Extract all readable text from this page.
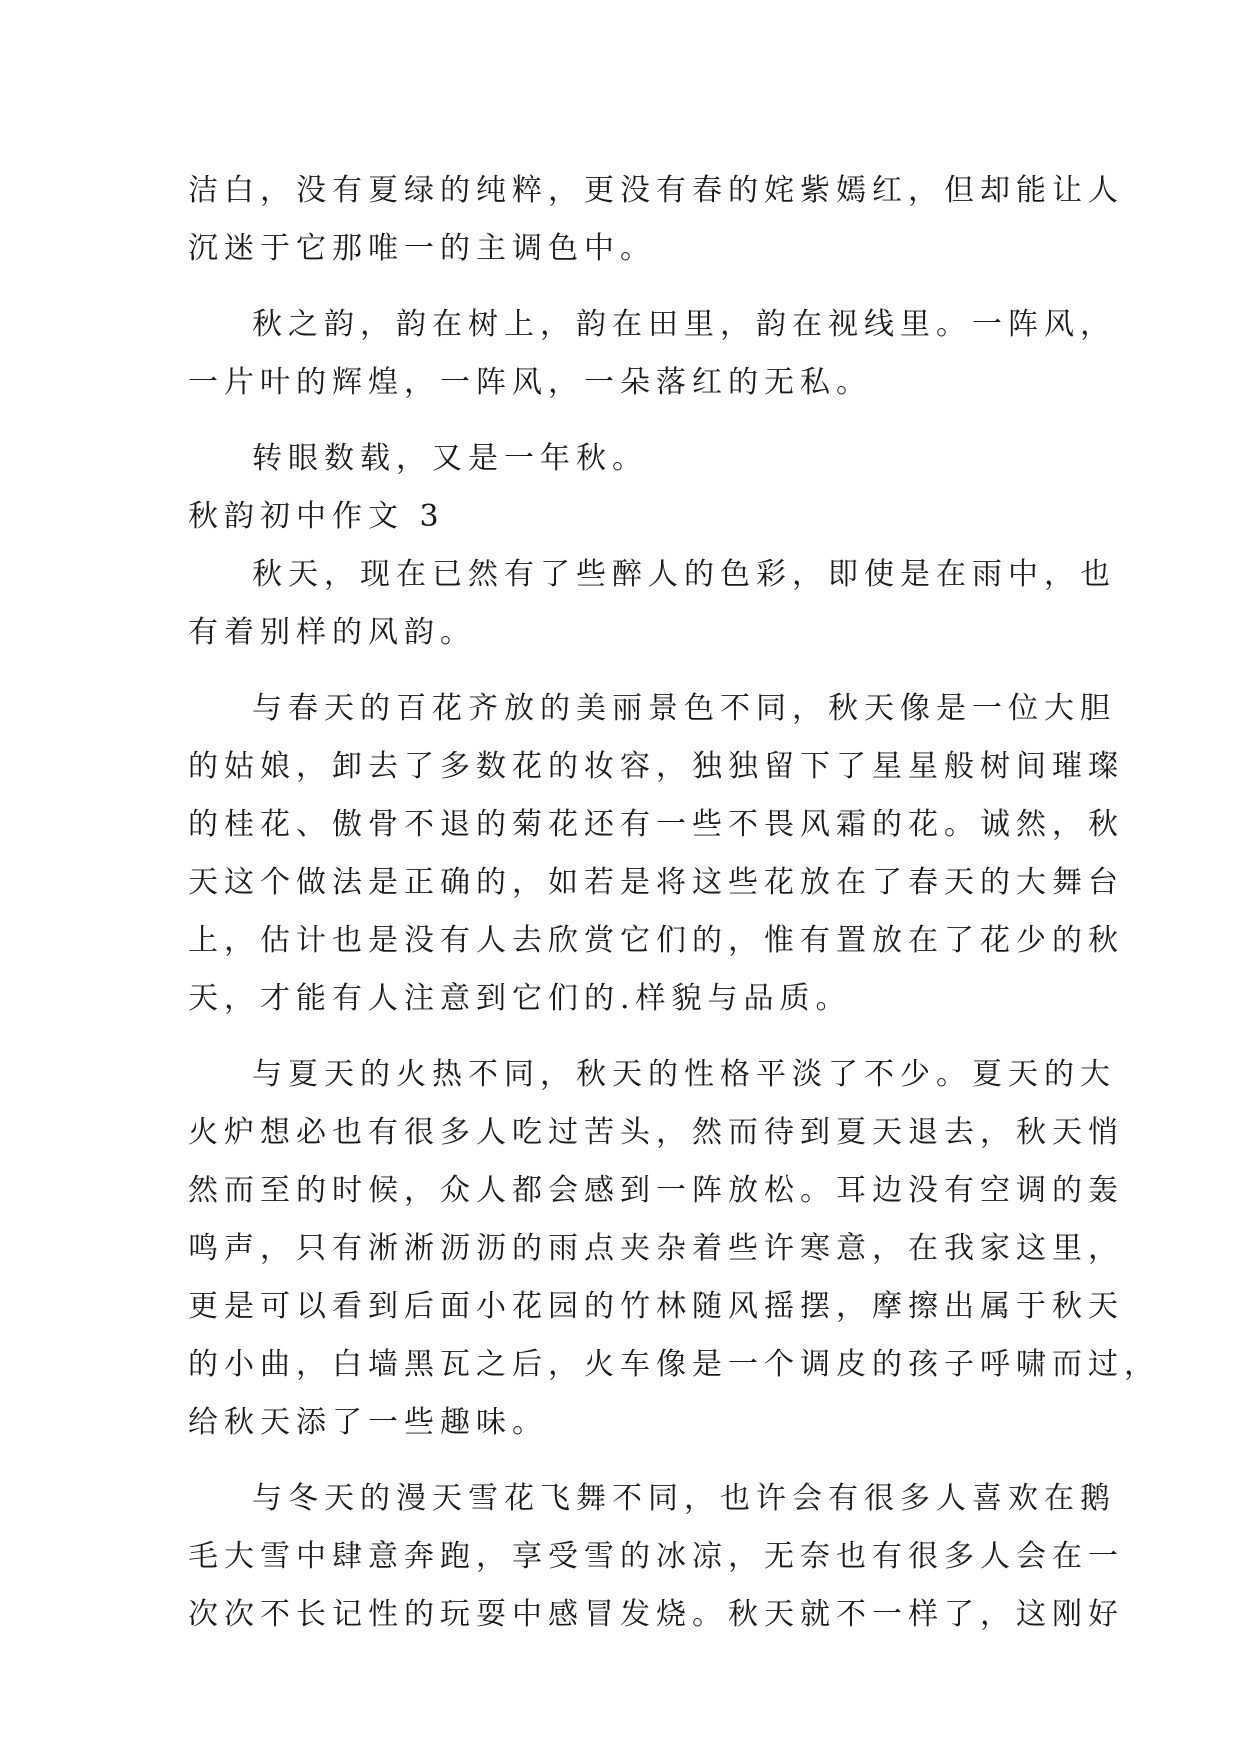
洁白，没有夏绿的纯粹，更没有春的姹紫嫣红，但却能让人
沉迷于它那唯一的主调色中。
秋之韵，韵在树上，韵在田里，韵在视线里。一阵风，
一片叶的辉煌，一阵风，一朵落红的无私。
转眼数载，又是一年秋。
秋韵初中作文 3
秋天，现在已然有了些醉人的色彩，即使是在雨中，也
有着别样的风韵。
与春天的百花齐放的美丽景色不同，秋天像是一位大胆
的姑娘，卸去了多数花的妆容，独独留下了星星般树间璀璨
的桂花、傲骨不退的菊花还有一些不畏风霜的花。诚然，秋
天这个做法是正确的，如若是将这些花放在了春天的大舞台
上，估计也是没有人去欣赏它们的，惟有置放在了花少的秋
天，才能有人注意到它们的.样貌与品质。
与夏天的火热不同，秋天的性格平淡了不少。夏天的大
火炉想必也有很多人吃过苦头，然而待到夏天退去，秋天悄
然而至的时候，众人都会感到一阵放松。耳边没有空调的轰
鸣声，只有淅淅沥沥的雨点夹杂着些许寒意，在我家这里，
更是可以看到后面小花园的竹林随风摇摆，摩擦出属于秋天
的小曲，白墙黑瓦之后，火车像是一个调皮的孩子呼啸而过，
给秋天添了一些趣味。
与冬天的漫天雪花飞舞不同，也许会有很多人喜欢在鹅
毛大雪中肆意奔跑，享受雪的冰凉，无奈也有很多人会在一
次次不长记性的玩耍中感冒发烧。秋天就不一样了，这刚好
